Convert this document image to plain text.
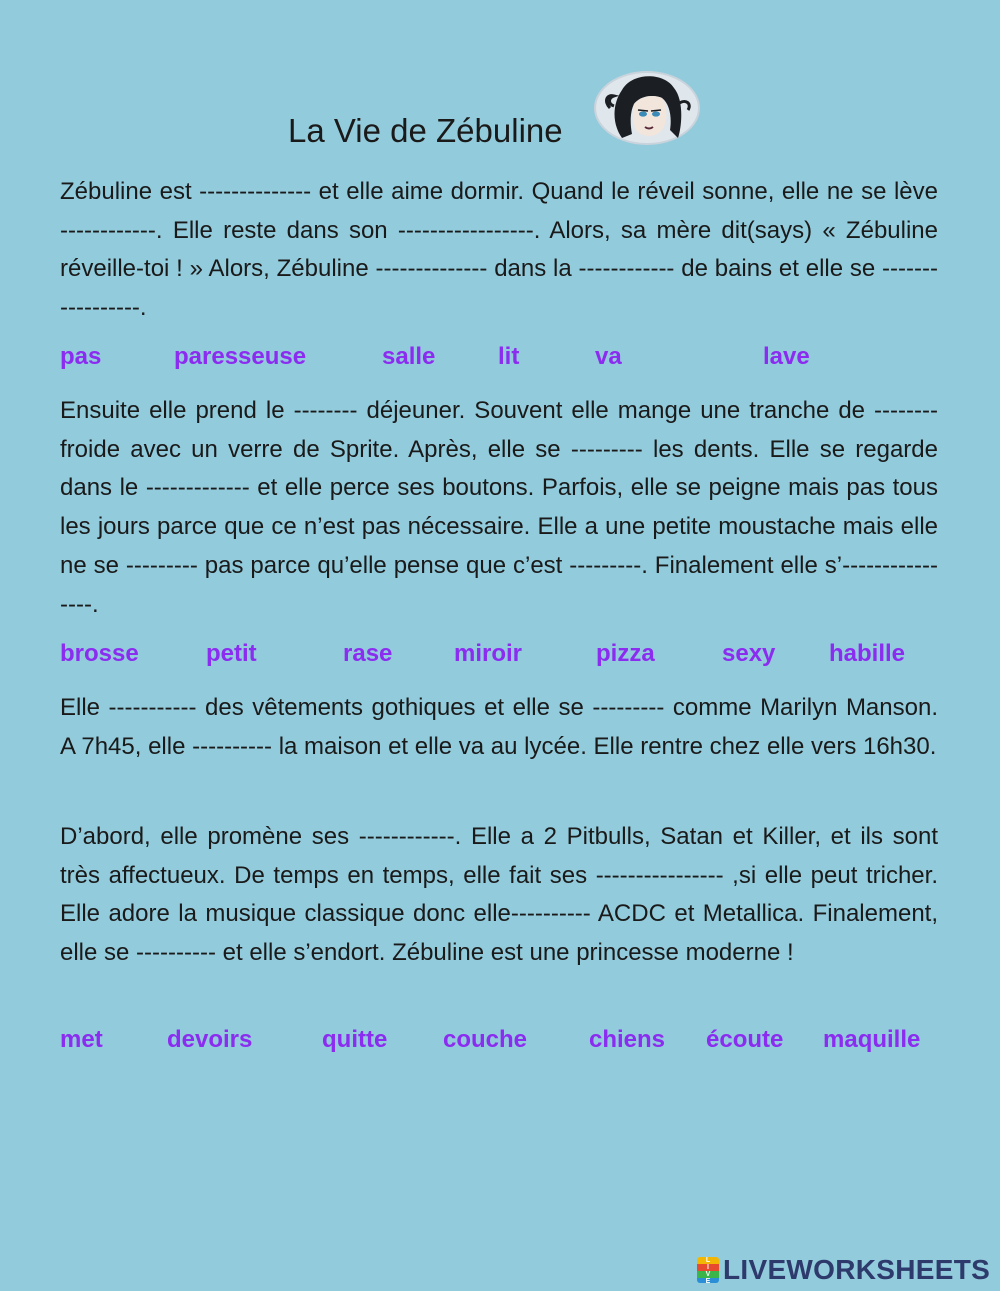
La Vie de Zébuline

Zébuline est -------------- et elle aime dormir. Quand le réveil sonne, elle ne se lève ------------. Elle reste dans son -----------------. Alors, sa mère dit(says) « Zébuline réveille-toi ! » Alors, Zébuline -------------- dans la ------------ de bains et elle se -----------------.

pas	paresseuse	salle	lit	va	lave

Ensuite elle prend le -------- déjeuner. Souvent elle mange une tranche de -------- froide avec un verre de Sprite. Après, elle se --------- les dents. Elle se regarde dans le ------------- et elle perce ses boutons. Parfois, elle se peigne mais pas tous les jours parce que ce n’est pas nécessaire. Elle a une petite moustache mais elle ne se --------- pas parce qu’elle pense que c’est ---------. Finalement elle s’----------------.

brosse	petit	rase	miroir	pizza	sexy habille

Elle ----------- des vêtements gothiques et elle se --------- comme Marilyn Manson. A 7h45, elle ---------- la maison et elle va au lycée. Elle rentre chez elle vers 16h30.

D’abord, elle promène ses ------------. Elle a 2 Pitbulls, Satan et Killer, et ils sont très affectueux. De temps en temps, elle fait ses ---------------- ,si elle peut tricher. Elle adore la musique classique donc elle---------- ACDC et Metallica. Finalement, elle se ---------- et elle s’endort. Zébuline est une princesse moderne !

met	devoirs	quitte couche	chiens écoute maquille
L
I
V
E LIVEWORKSHEETS
